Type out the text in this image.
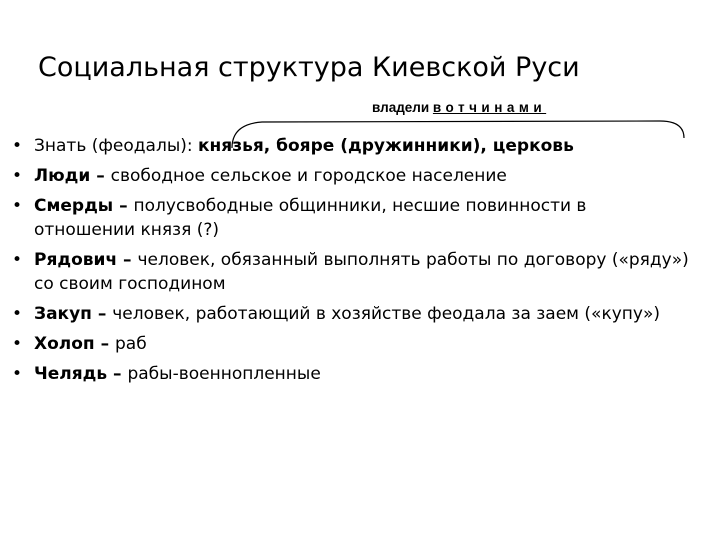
Социальная структура Киевской Руси
владели вотчинами
• Знать (феодалы): князья, бояре (дружинники), церковь
• Люди – свободное сельское и городское население
• Смерды – полусвободные общинники, несшие повинности в отношении князя (?)
• Рядович – человек, обязанный выполнять работы по договору («ряду») со своим господином
• Закуп – человек, работающий в хозяйстве феодала за заем («купу»)
• Холоп – раб
• Челядь – рабы-военнопленные
